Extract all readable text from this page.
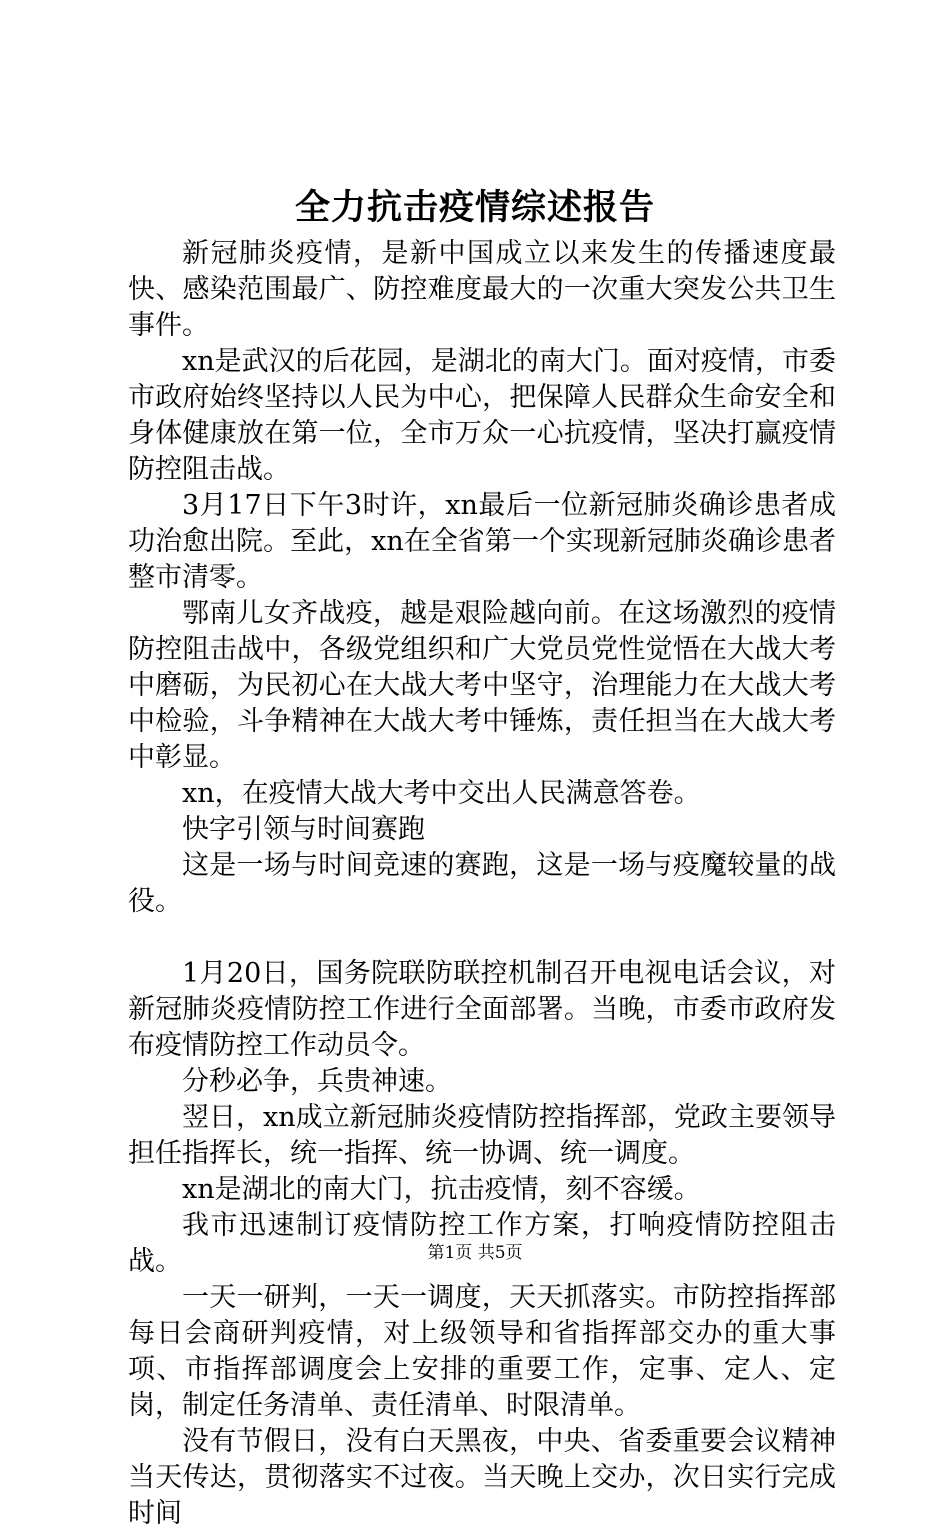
全力抗击疫情综述报告

新冠肺炎疫情，是新中国成立以来发生的传播速度最快、感染范围最广、防控难度最大的一次重大突发公共卫生事件。

xn是武汉的后花园，是湖北的南大门。面对疫情，市委市政府始终坚持以人民为中心，把保障人民群众生命安全和身体健康放在第一位，全市万众一心抗疫情，坚决打赢疫情防控阻击战。

3月17日下午3时许，xn最后一位新冠肺炎确诊患者成功治愈出院。至此，xn在全省第一个实现新冠肺炎确诊患者整市清零。

鄂南儿女齐战疫，越是艰险越向前。在这场激烈的疫情防控阻击战中，各级党组织和广大党员党性觉悟在大战大考中磨砺，为民初心在大战大考中坚守，治理能力在大战大考中检验，斗争精神在大战大考中锤炼，责任担当在大战大考中彰显。

xn，在疫情大战大考中交出人民满意答卷。

快字引领与时间赛跑

这是一场与时间竞速的赛跑，这是一场与疫魔较量的战役。

1月20日，国务院联防联控机制召开电视电话会议，对新冠肺炎疫情防控工作进行全面部署。当晚，市委市政府发布疫情防控工作动员令。

分秒必争，兵贵神速。

翌日，xn成立新冠肺炎疫情防控指挥部，党政主要领导担任指挥长，统一指挥、统一协调、统一调度。

xn是湖北的南大门，抗击疫情，刻不容缓。

我市迅速制订疫情防控工作方案，打响疫情防控阻击战。

一天一研判，一天一调度，天天抓落实。市防控指挥部每日会商研判疫情，对上级领导和省指挥部交办的重大事项、市指挥部调度会上安排的重要工作，定事、定人、定岗，制定任务清单、责任清单、时限清单。

没有节假日，没有白天黑夜，中央、省委重要会议精神当天传达，贯彻落实不过夜。当天晚上交办，次日实行完成时间

第1页 共5页
